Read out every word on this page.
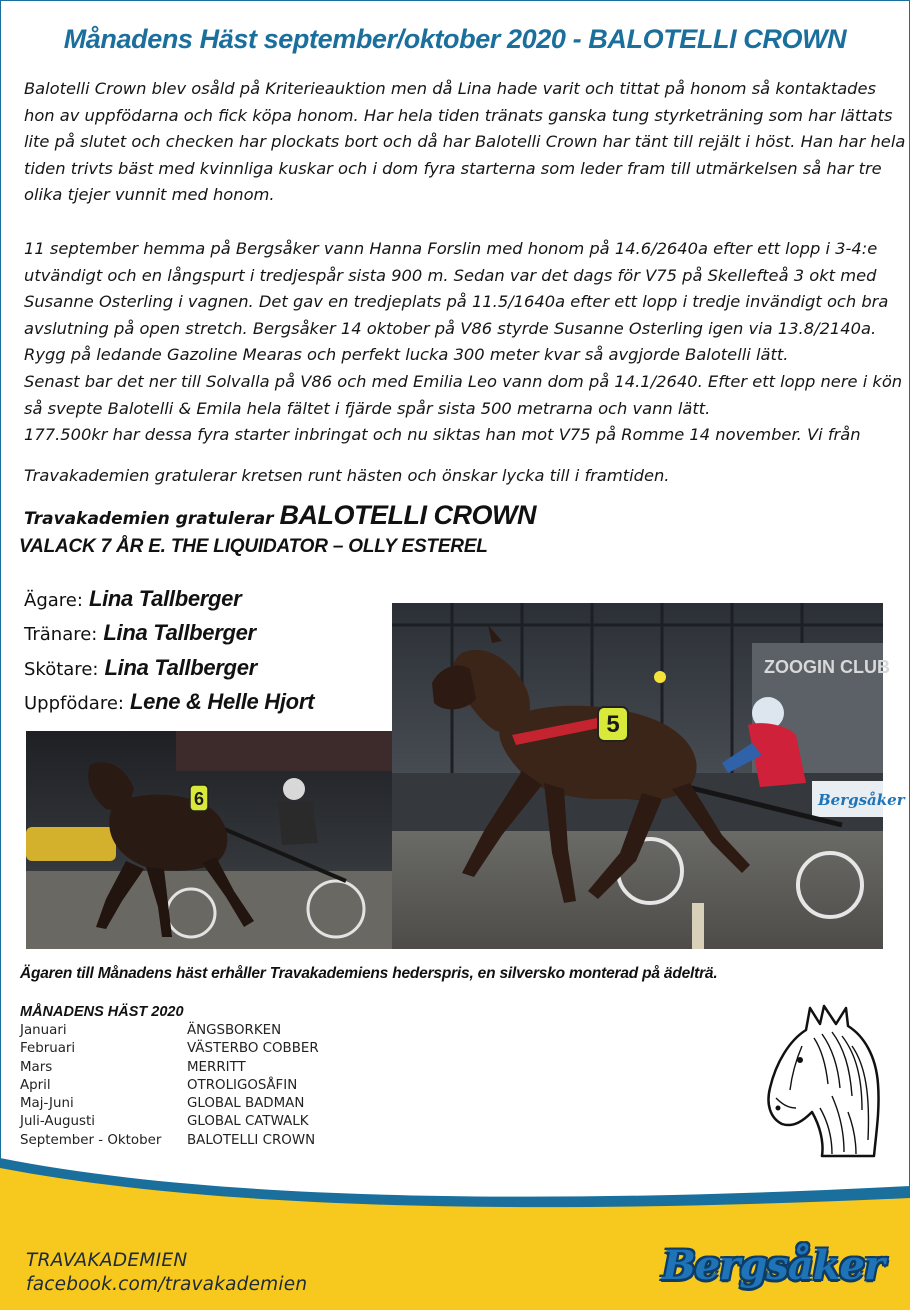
Månadens Häst september/oktober 2020 - BALOTELLI CROWN
Balotelli Crown blev osåld på Kriterieauktion men då Lina hade varit och tittat på honom så kontaktades
hon av uppfödarna och fick köpa honom. Har hela tiden tränats ganska tung styrketräning som har lättats
lite på slutet och checken har plockats bort och då har Balotelli Crown har tänt till rejält i höst. Han har hela
tiden trivts bäst med kvinnliga kuskar och i dom fyra starterna som leder fram till utmärkelsen så har tre
olika tjejer vunnit med honom.
11 september hemma på Bergsåker vann Hanna Forslin med honom på 14.6/2640a efter ett lopp i 3-4:e
utvändigt och en långspurt i tredjespår sista 900 m. Sedan var det dags för V75 på Skellefteå 3 okt med
Susanne Osterling i vagnen. Det gav en tredjeplats på 11.5/1640a efter ett lopp i tredje invändigt och bra
avslutning på open stretch. Bergsåker 14 oktober på V86 styrde Susanne Osterling igen via 13.8/2140a.
Rygg på ledande Gazoline Mearas och perfekt lucka 300 meter kvar så avgjorde Balotelli lätt.
Senast bar det ner till Solvalla på V86 och med Emilia Leo vann dom på 14.1/2640. Efter ett lopp nere i kön
så svepte Balotelli & Emila hela fältet i fjärde spår sista 500 metrarna och vann lätt.
177.500kr har dessa fyra starter inbringat och nu siktas han mot V75 på Romme 14 november. Vi från
Travakademien gratulerar kretsen runt hästen och önskar lycka till i framtiden.
Travakademien gratulerar BALOTELLI CROWN
VALACK 7 ÅR E. THE LIQUIDATOR – OLLY ESTEREL
Ägare: Lina Tallberger
Tränare: Lina Tallberger
Skötare: Lina Tallberger
Uppfödare: Lene & Helle Hjort
ZOOGIN CLUB
Bergsåker
5
6
Ägaren till Månadens häst erhåller Travakademiens hederspris, en silversko monterad på ädelträ.
MÅNADENS HÄST 2020
Januari	ÄNGSBORKEN
Februari	VÄSTERBO COBBER
Mars	MERRITT
April	OTROLIGOSÅFIN
Maj-Juni	GLOBAL BADMAN
Juli-Augusti	GLOBAL CATWALK
September - Oktober BALOTELLI CROWN
TRAVAKADEMIEN
facebook.com/travakademien	Bergsåker
